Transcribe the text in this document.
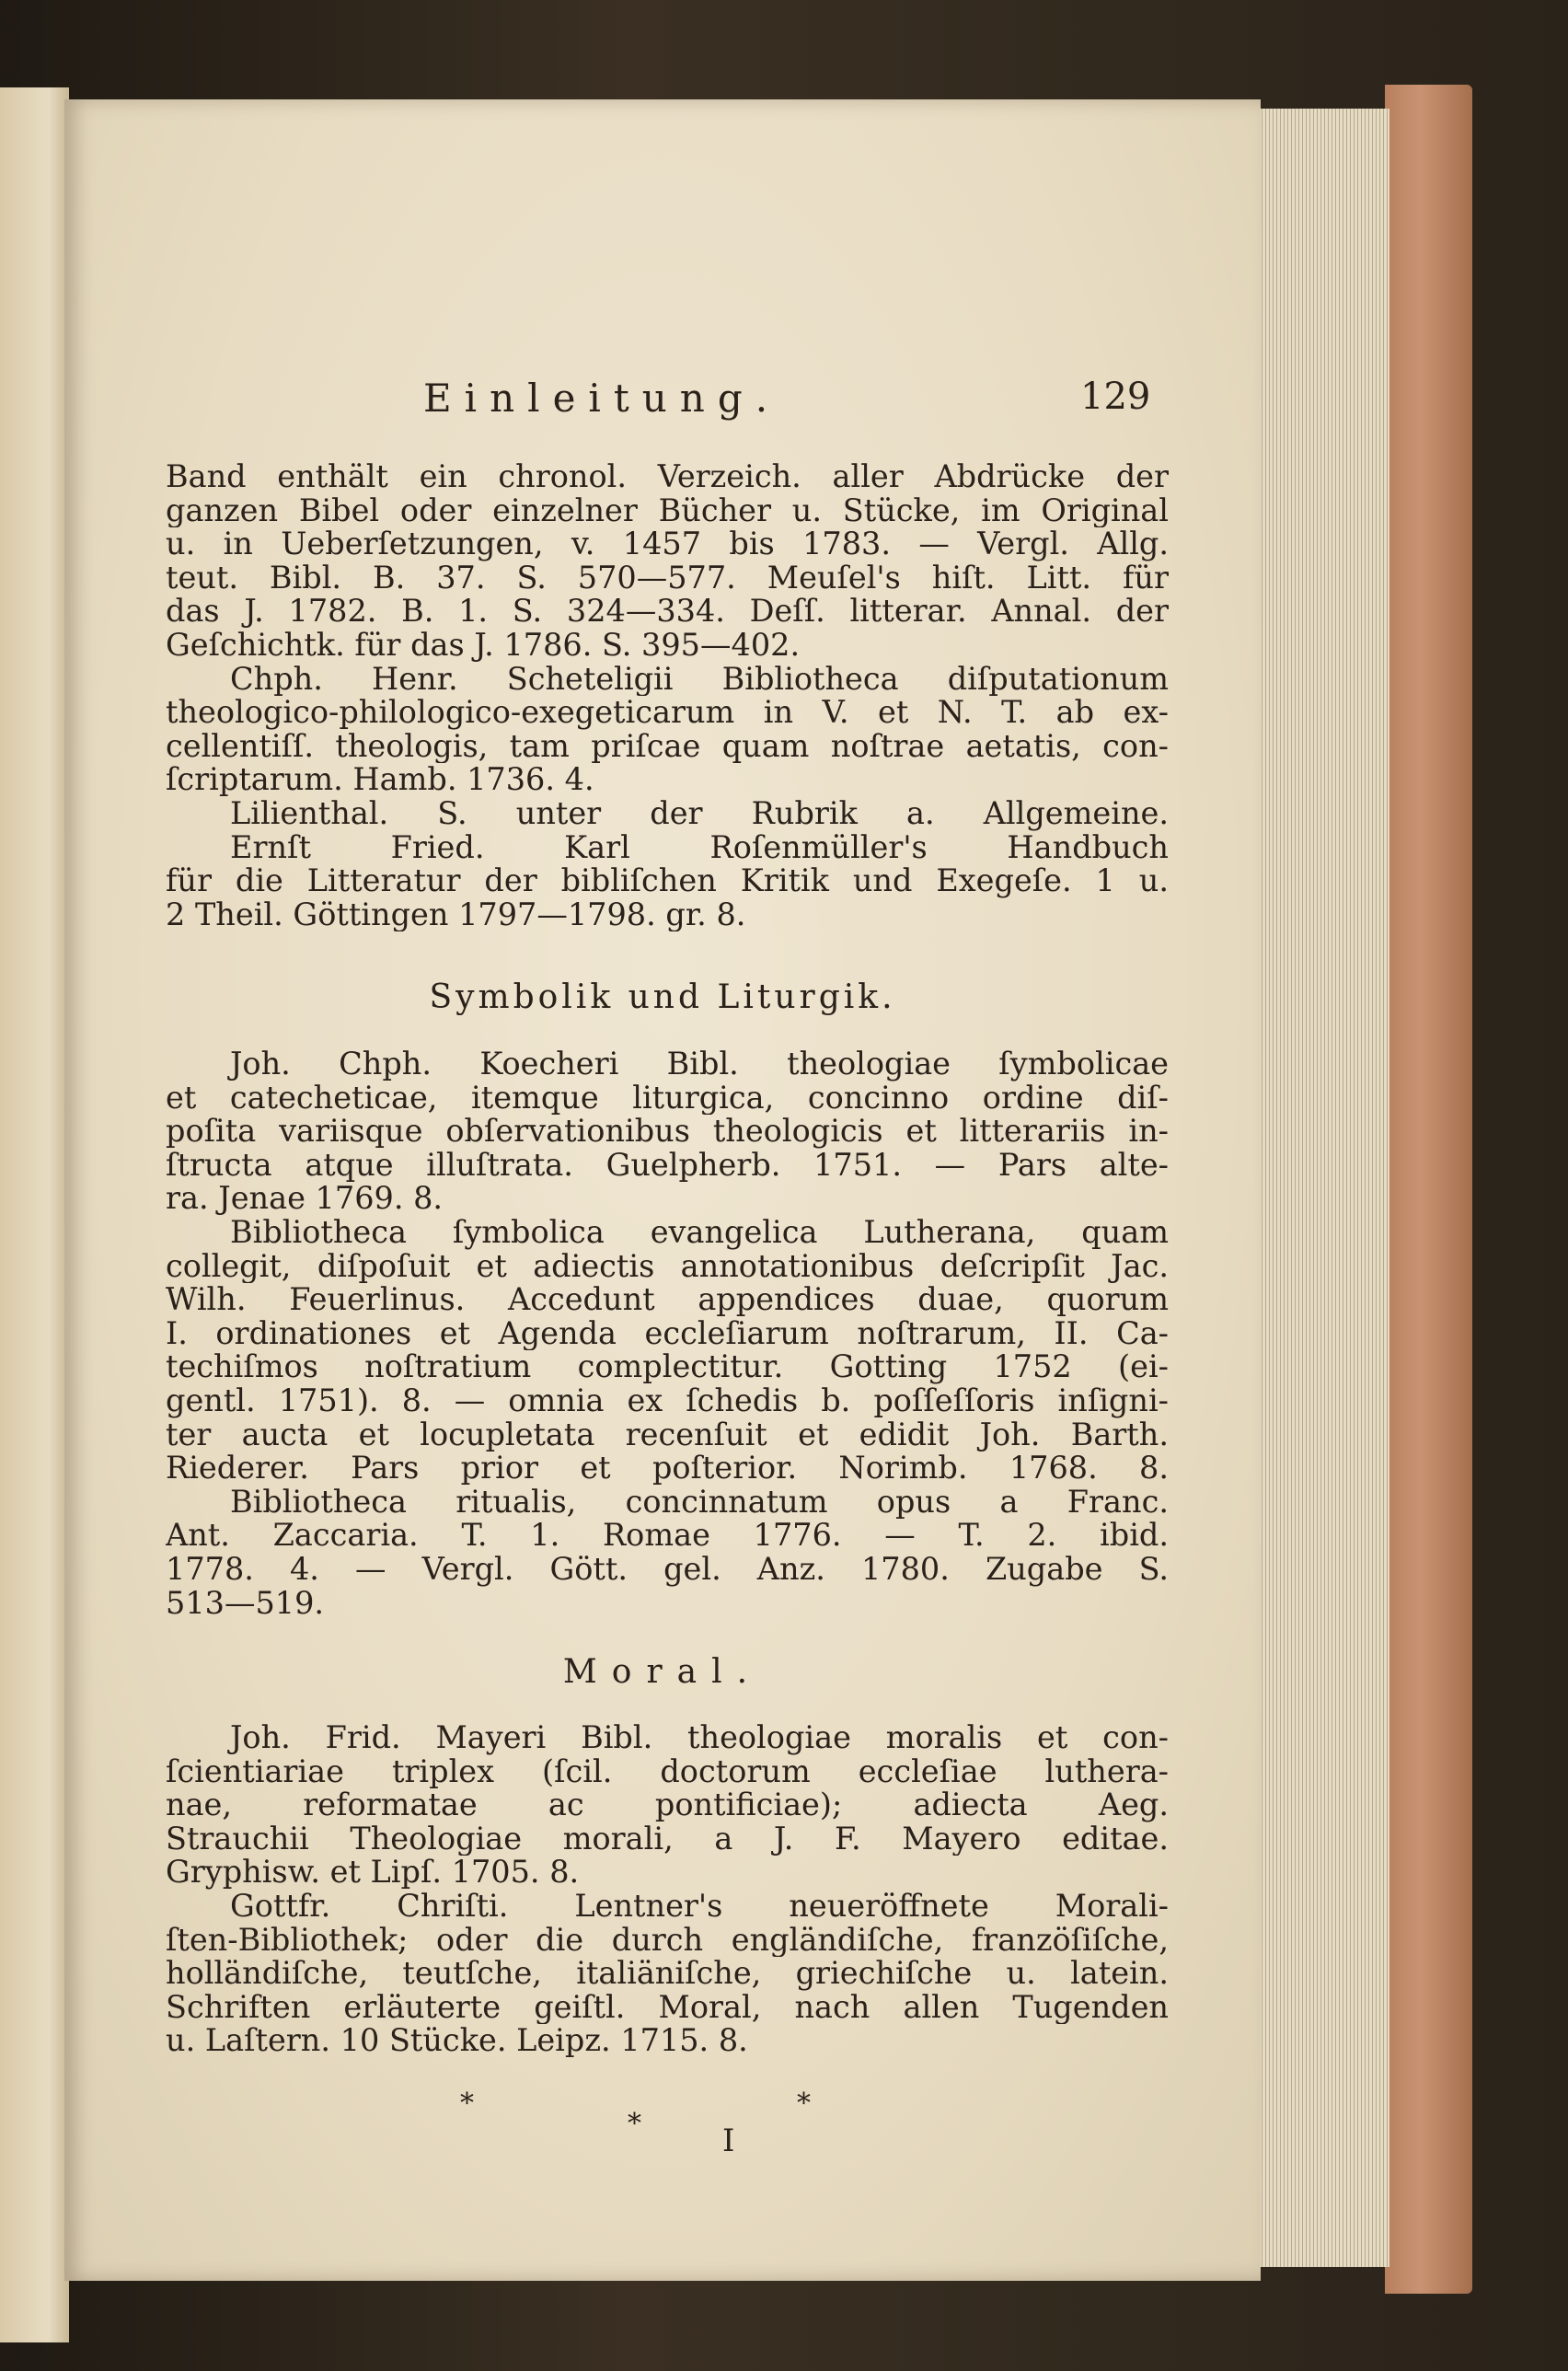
Einleitung.	129
Band enthält ein chronol. Verzeich. aller Abdrücke der
ganzen Bibel oder einzelner Bücher u. Stücke, im Original
u. in Ueberſetzungen, v. 1457 bis 1783. — Vergl. Allg.
teut. Bibl. B. 37. S. 570—577. Meuſel's hiſt. Litt. für
das J. 1782. B. 1. S. 324—334. Deſſ. litterar. Annal. der
Geſchichtk. für das J. 1786. S. 395—402.
Chph. Henr. Scheteligii Bibliotheca diſputationum
theologico-philologico-exegeticarum in V. et N. T. ab ex-
cellentiſſ. theologis, tam priſcae quam noſtrae aetatis, con-
ſcriptarum. Hamb. 1736. 4.
Lilienthal. S. unter der Rubrik a. Allgemeine.
Ernſt Fried. Karl Roſenmüller's Handbuch
für die Litteratur der bibliſchen Kritik und Exegeſe. 1 u.
2 Theil. Göttingen 1797—1798. gr. 8.
Symbolik und Liturgik.
Joh. Chph. Koecheri Bibl. theologiae ſymbolicae
et catecheticae, itemque liturgica, concinno ordine diſ-
poſita variisque obſervationibus theologicis et litterariis in-
ſtructa atque illuſtrata. Guelpherb. 1751. — Pars alte-
ra. Jenae 1769. 8.
Bibliotheca ſymbolica evangelica Lutherana, quam
collegit, diſpoſuit et adiectis annotationibus deſcripſit Jac.
Wilh. Feuerlinus. Accedunt appendices duae, quorum
I. ordinationes et Agenda eccleſiarum noſtrarum, II. Ca-
techiſmos noſtratium complectitur. Gotting 1752 (ei-
gentl. 1751). 8. — omnia ex ſchedis b. poſſeſſoris inſigni-
ter aucta et locupletata recenſuit et edidit Joh. Barth.
Riederer. Pars prior et poſterior. Norimb. 1768. 8.
Bibliotheca ritualis, concinnatum opus a Franc.
Ant. Zaccaria. T. 1. Romae 1776. — T. 2. ibid.
1778. 4. — Vergl. Gött. gel. Anz. 1780. Zugabe S.
513—519.
Moral.
Joh. Frid. Mayeri Bibl. theologiae moralis et con-
ſcientiariae triplex (ſcil. doctorum eccleſiae luthera-
nae, reformatae ac pontificiae); adiecta Aeg.
Strauchii Theologiae morali, a J. F. Mayero editae.
Gryphisw. et Lipſ. 1705. 8.
Gottfr. Chriſti. Lentner's neueröffnete Morali-
ſten-Bibliothek; oder die durch engländiſche, franzöſiſche,
holländiſche, teutſche, italiäniſche, griechiſche u. latein.
Schriften erläuterte geiſtl. Moral, nach allen Tugenden
u. Laſtern. 10 Stücke. Leipz. 1715. 8.
*
*
*
I
